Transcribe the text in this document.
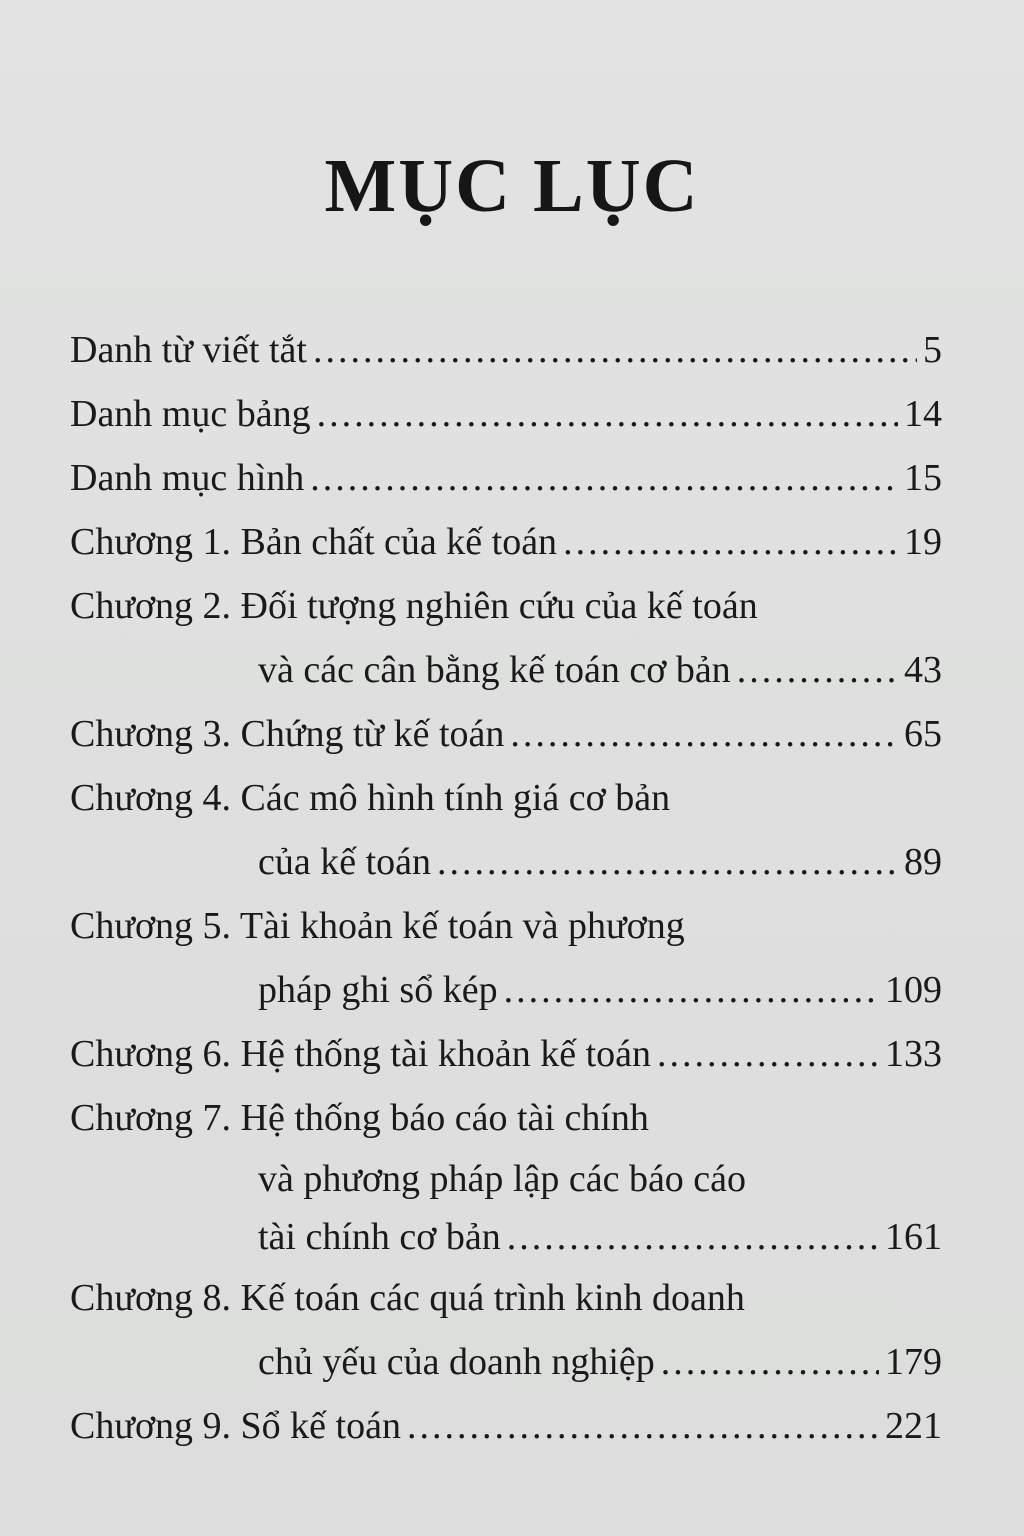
MỤC LỤC
Danh từ viết tắt .....	5
Danh mục bảng .....	14
Danh mục hình .....	15
Chương 1. Bản chất của kế toán .....	19
Chương 2. Đối tượng nghiên cứu của kế toán
và các cân bằng kế toán cơ bản .....	43
Chương 3. Chứng từ kế toán .....	65
Chương 4. Các mô hình tính giá cơ bản
của kế toán .....	89
Chương 5. Tài khoản kế toán và phương
pháp ghi sổ kép .....	109
Chương 6. Hệ thống tài khoản kế toán .....	133
Chương 7. Hệ thống báo cáo tài chính
và phương pháp lập các báo cáo
tài chính cơ bản .....	161
Chương 8. Kế toán các quá trình kinh doanh
chủ yếu của doanh nghiệp .....	179
Chương 9. Sổ kế toán .....	221
